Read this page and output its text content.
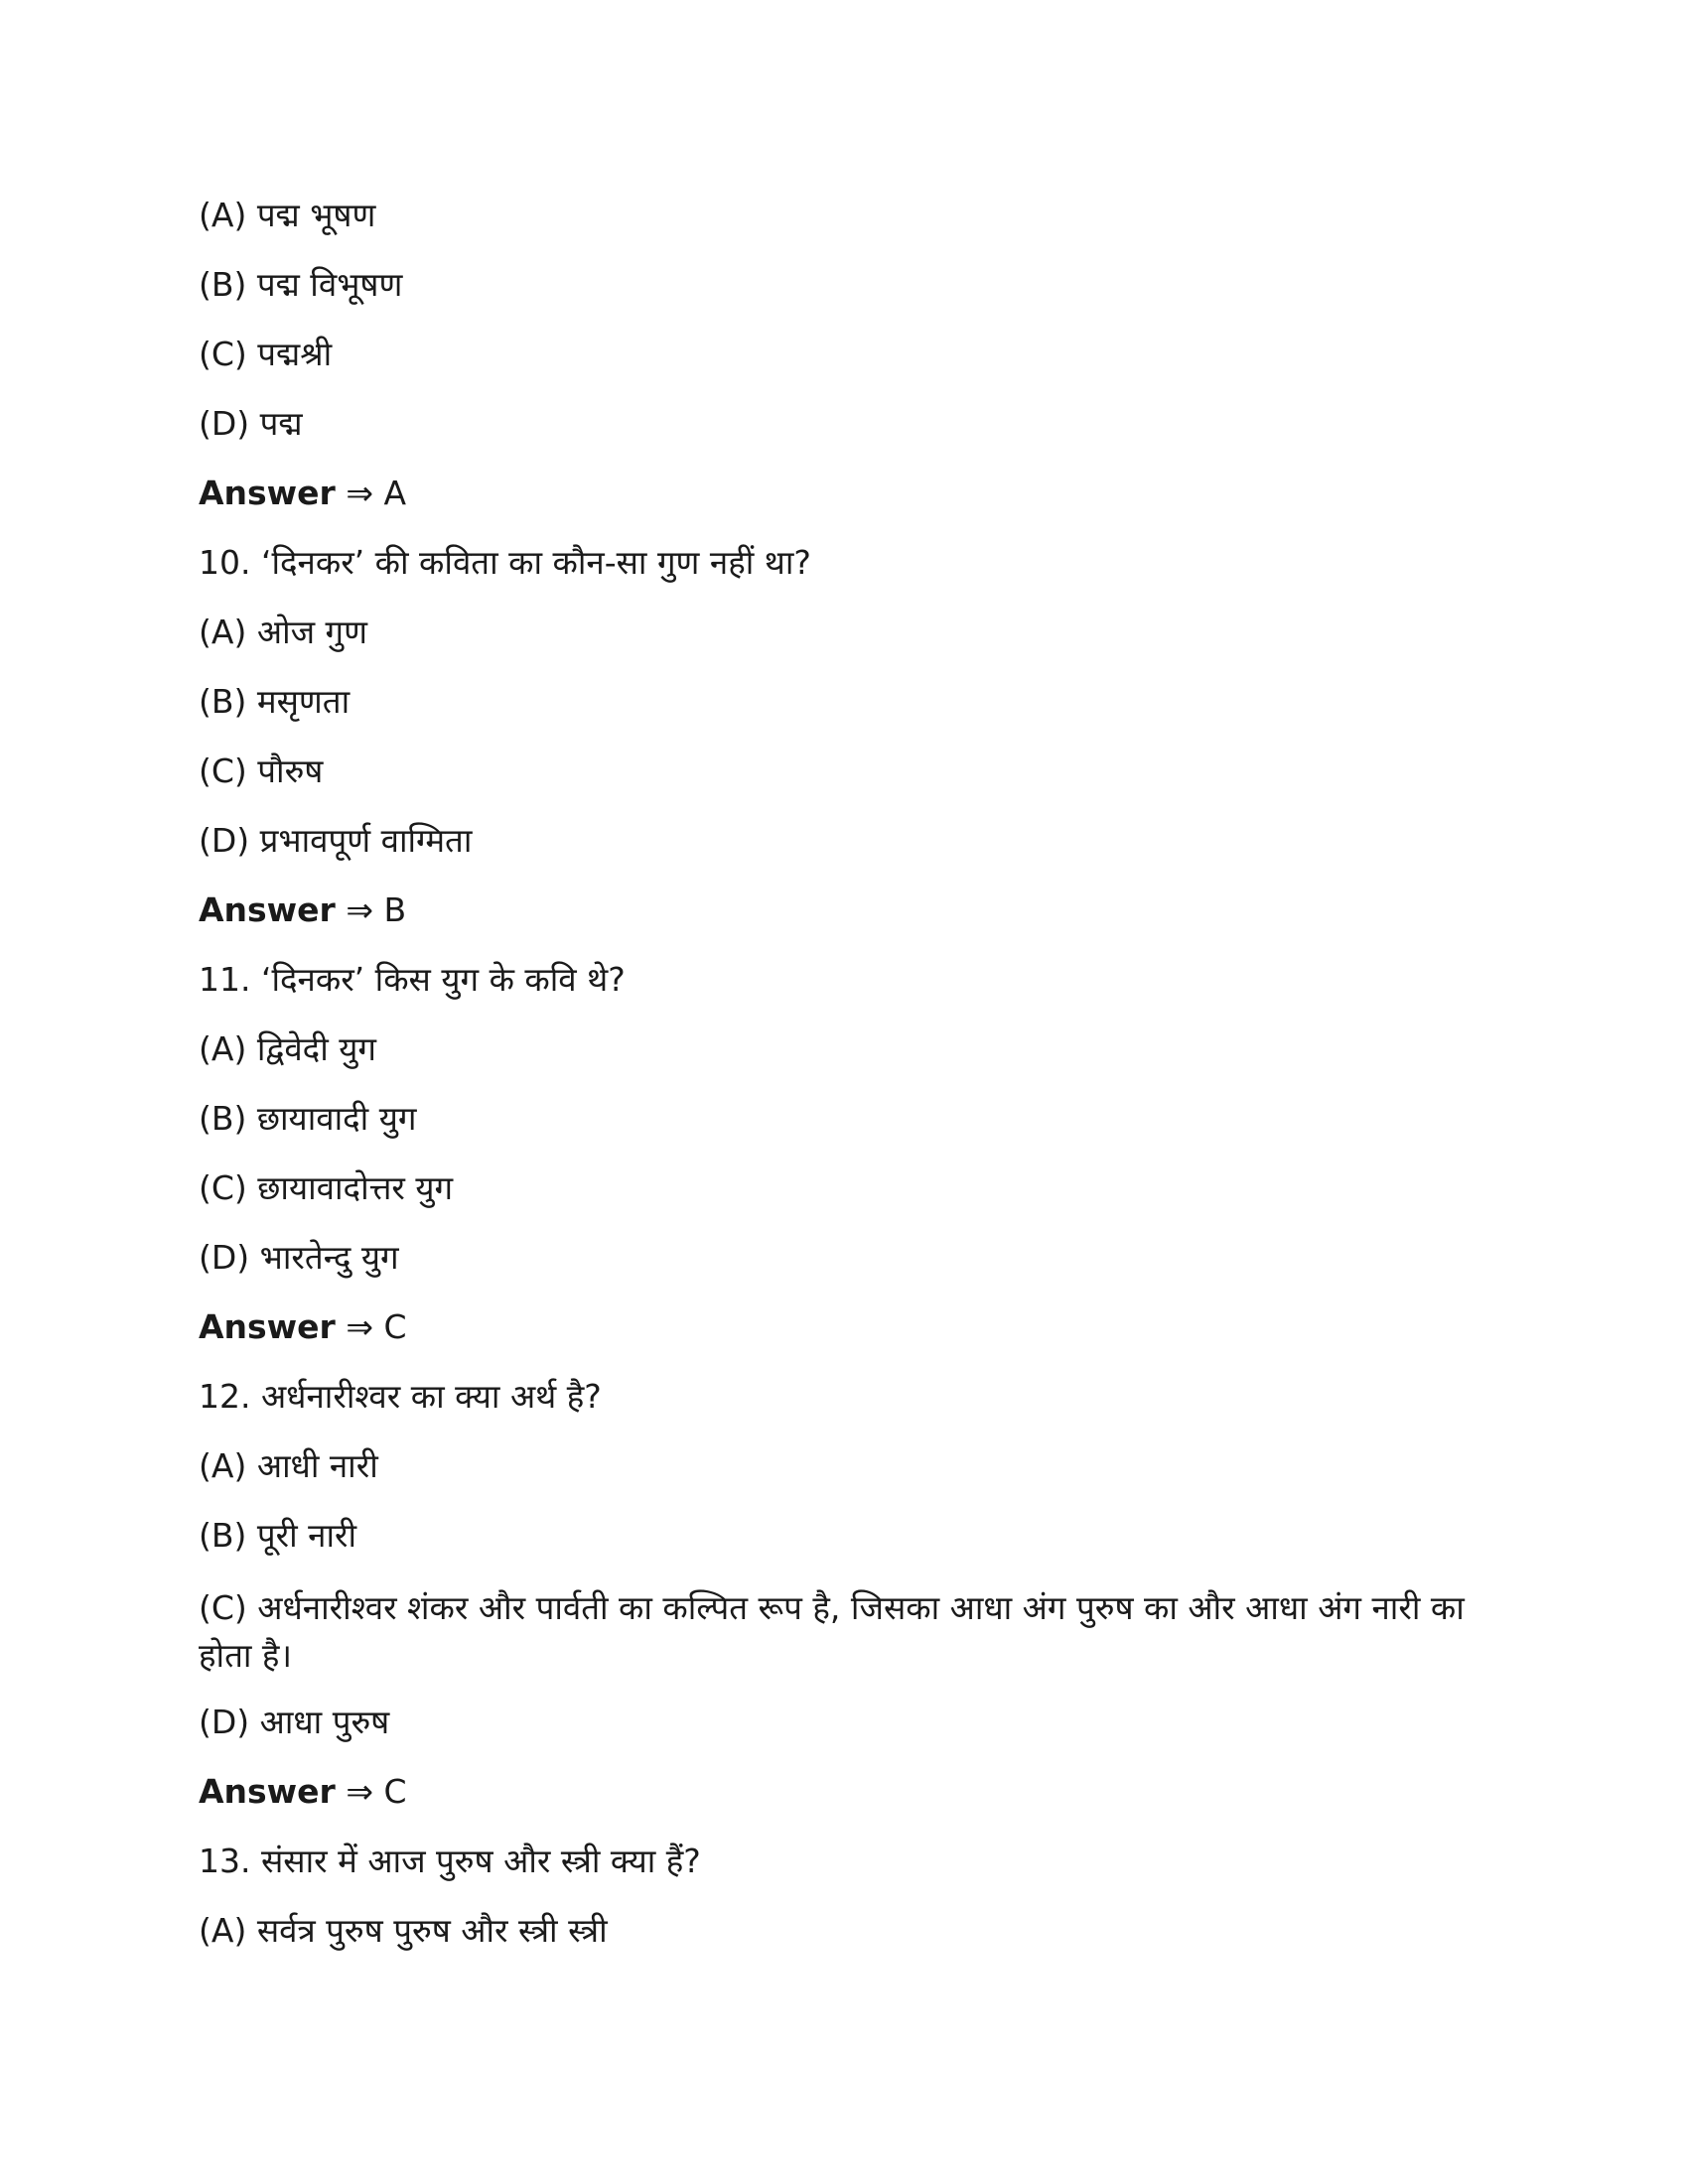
(A) पद्म भूषण
(B) पद्म विभूषण
(C) पद्मश्री
(D) पद्म
Answer ⇒ A
10. ‘दिनकर’ की कविता का कौन-सा गुण नहीं था?
(A) ओज गुण
(B) मसृणता
(C) पौरुष
(D) प्रभावपूर्ण वाग्मिता
Answer ⇒ B
11. ‘दिनकर’ किस युग के कवि थे?
(A) द्विवेदी युग
(B) छायावादी युग
(C) छायावादोत्तर युग
(D) भारतेन्दु युग
Answer ⇒ C
12. अर्धनारीश्वर का क्या अर्थ है?
(A) आधी नारी
(B) पूरी नारी
(C) अर्धनारीश्वर शंकर और पार्वती का कल्पित रूप है, जिसका आधा अंग पुरुष का और आधा अंग नारी का होता है।
(D) आधा पुरुष
Answer ⇒ C
13. संसार में आज पुरुष और स्त्री क्या हैं?
(A) सर्वत्र पुरुष पुरुष और स्त्री स्त्री
